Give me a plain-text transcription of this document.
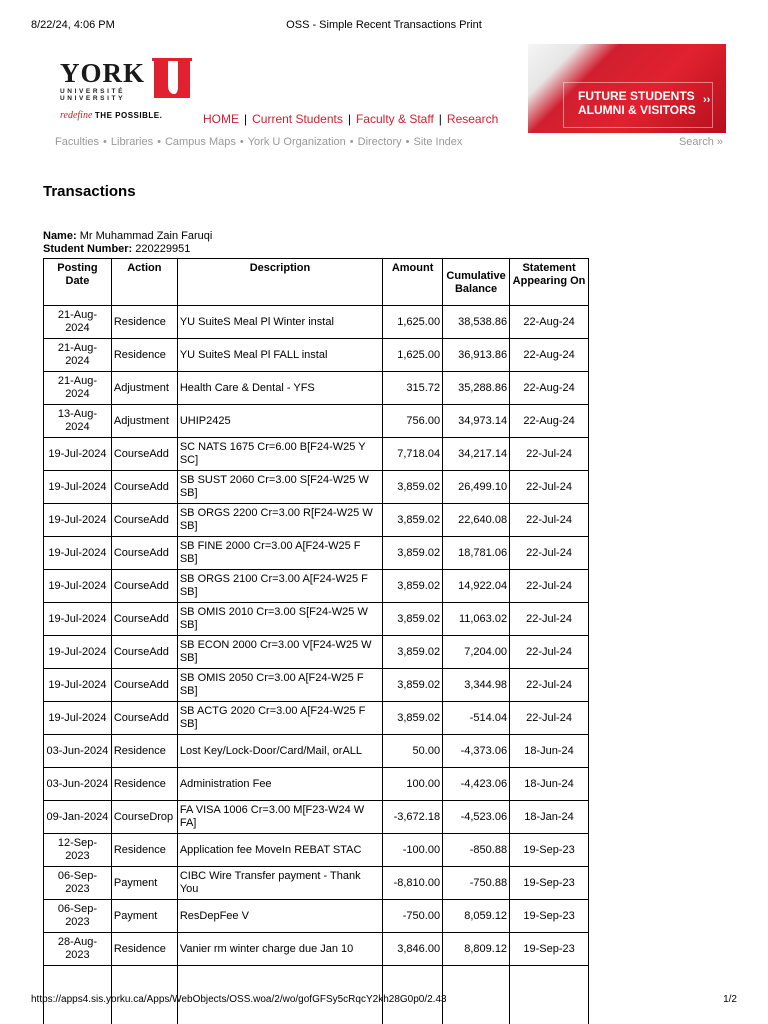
8/22/24, 4:06 PM	OSS - Simple Recent Transactions Print
YORK
UNIVERSITÉ
UNIVERSITY
redefine THE POSSIBLE.	HOME | Current Students | Faculty & Staff | Research
FUTURE STUDENTS
ALUMNI & VISITORS
››
Faculties • Libraries • Campus Maps • York U Organization • Directory • Site Index	Search »
Transactions
Name: Mr Muhammad Zain Faruqi
Student Number: 220229951
Posting Date	Action	Description	Amount	Cumulative Balance	Statement Appearing On
21-Aug-2024	Residence	YU SuiteS Meal Pl Winter instal	1,625.00	38,538.86	22-Aug-24
21-Aug-2024	Residence	YU SuiteS Meal Pl FALL instal	1,625.00	36,913.86	22-Aug-24
21-Aug-2024	Adjustment	Health Care & Dental - YFS	315.72	35,288.86	22-Aug-24
13-Aug-2024	Adjustment	UHIP2425	756.00	34,973.14	22-Aug-24
19-Jul-2024	CourseAdd	SC NATS 1675 Cr=6.00 B[F24-W25 Y SC]	7,718.04	34,217.14	22-Jul-24
19-Jul-2024	CourseAdd	SB SUST 2060 Cr=3.00 S[F24-W25 W SB]	3,859.02	26,499.10	22-Jul-24
19-Jul-2024	CourseAdd	SB ORGS 2200 Cr=3.00 R[F24-W25 W SB]	3,859.02	22,640.08	22-Jul-24
19-Jul-2024	CourseAdd	SB FINE 2000 Cr=3.00 A[F24-W25 F SB]	3,859.02	18,781.06	22-Jul-24
19-Jul-2024	CourseAdd	SB ORGS 2100 Cr=3.00 A[F24-W25 F SB]	3,859.02	14,922.04	22-Jul-24
19-Jul-2024	CourseAdd	SB OMIS 2010 Cr=3.00 S[F24-W25 W SB]	3,859.02	11,063.02	22-Jul-24
19-Jul-2024	CourseAdd	SB ECON 2000 Cr=3.00 V[F24-W25 W SB]	3,859.02	7,204.00	22-Jul-24
19-Jul-2024	CourseAdd	SB OMIS 2050 Cr=3.00 A[F24-W25 F SB]	3,859.02	3,344.98	22-Jul-24
19-Jul-2024	CourseAdd	SB ACTG 2020 Cr=3.00 A[F24-W25 F SB]	3,859.02	-514.04	22-Jul-24
03-Jun-2024	Residence	Lost Key/Lock-Door/Card/Mail, orALL	50.00	-4,373.06	18-Jun-24
03-Jun-2024	Residence	Administration Fee	100.00	-4,423.06	18-Jun-24
09-Jan-2024	CourseDrop	FA VISA 1006 Cr=3.00 M[F23-W24 W FA]	-3,672.18	-4,523.06	18-Jan-24
12-Sep-2023	Residence	Application fee MoveIn REBAT STAC	-100.00	-850.88	19-Sep-23
06-Sep-2023	Payment	CIBC Wire Transfer payment - Thank You	-8,810.00	-750.88	19-Sep-23
06-Sep-2023	Payment	ResDepFee V	-750.00	8,059.12	19-Sep-23
28-Aug-2023	Residence	Vanier rm winter charge due Jan 10	3,846.00	8,809.12	19-Sep-23

https://apps4.sis.yorku.ca/Apps/WebObjects/OSS.woa/2/wo/gofGFSy5cRqcY2kh28G0p0/2.43	1/2
